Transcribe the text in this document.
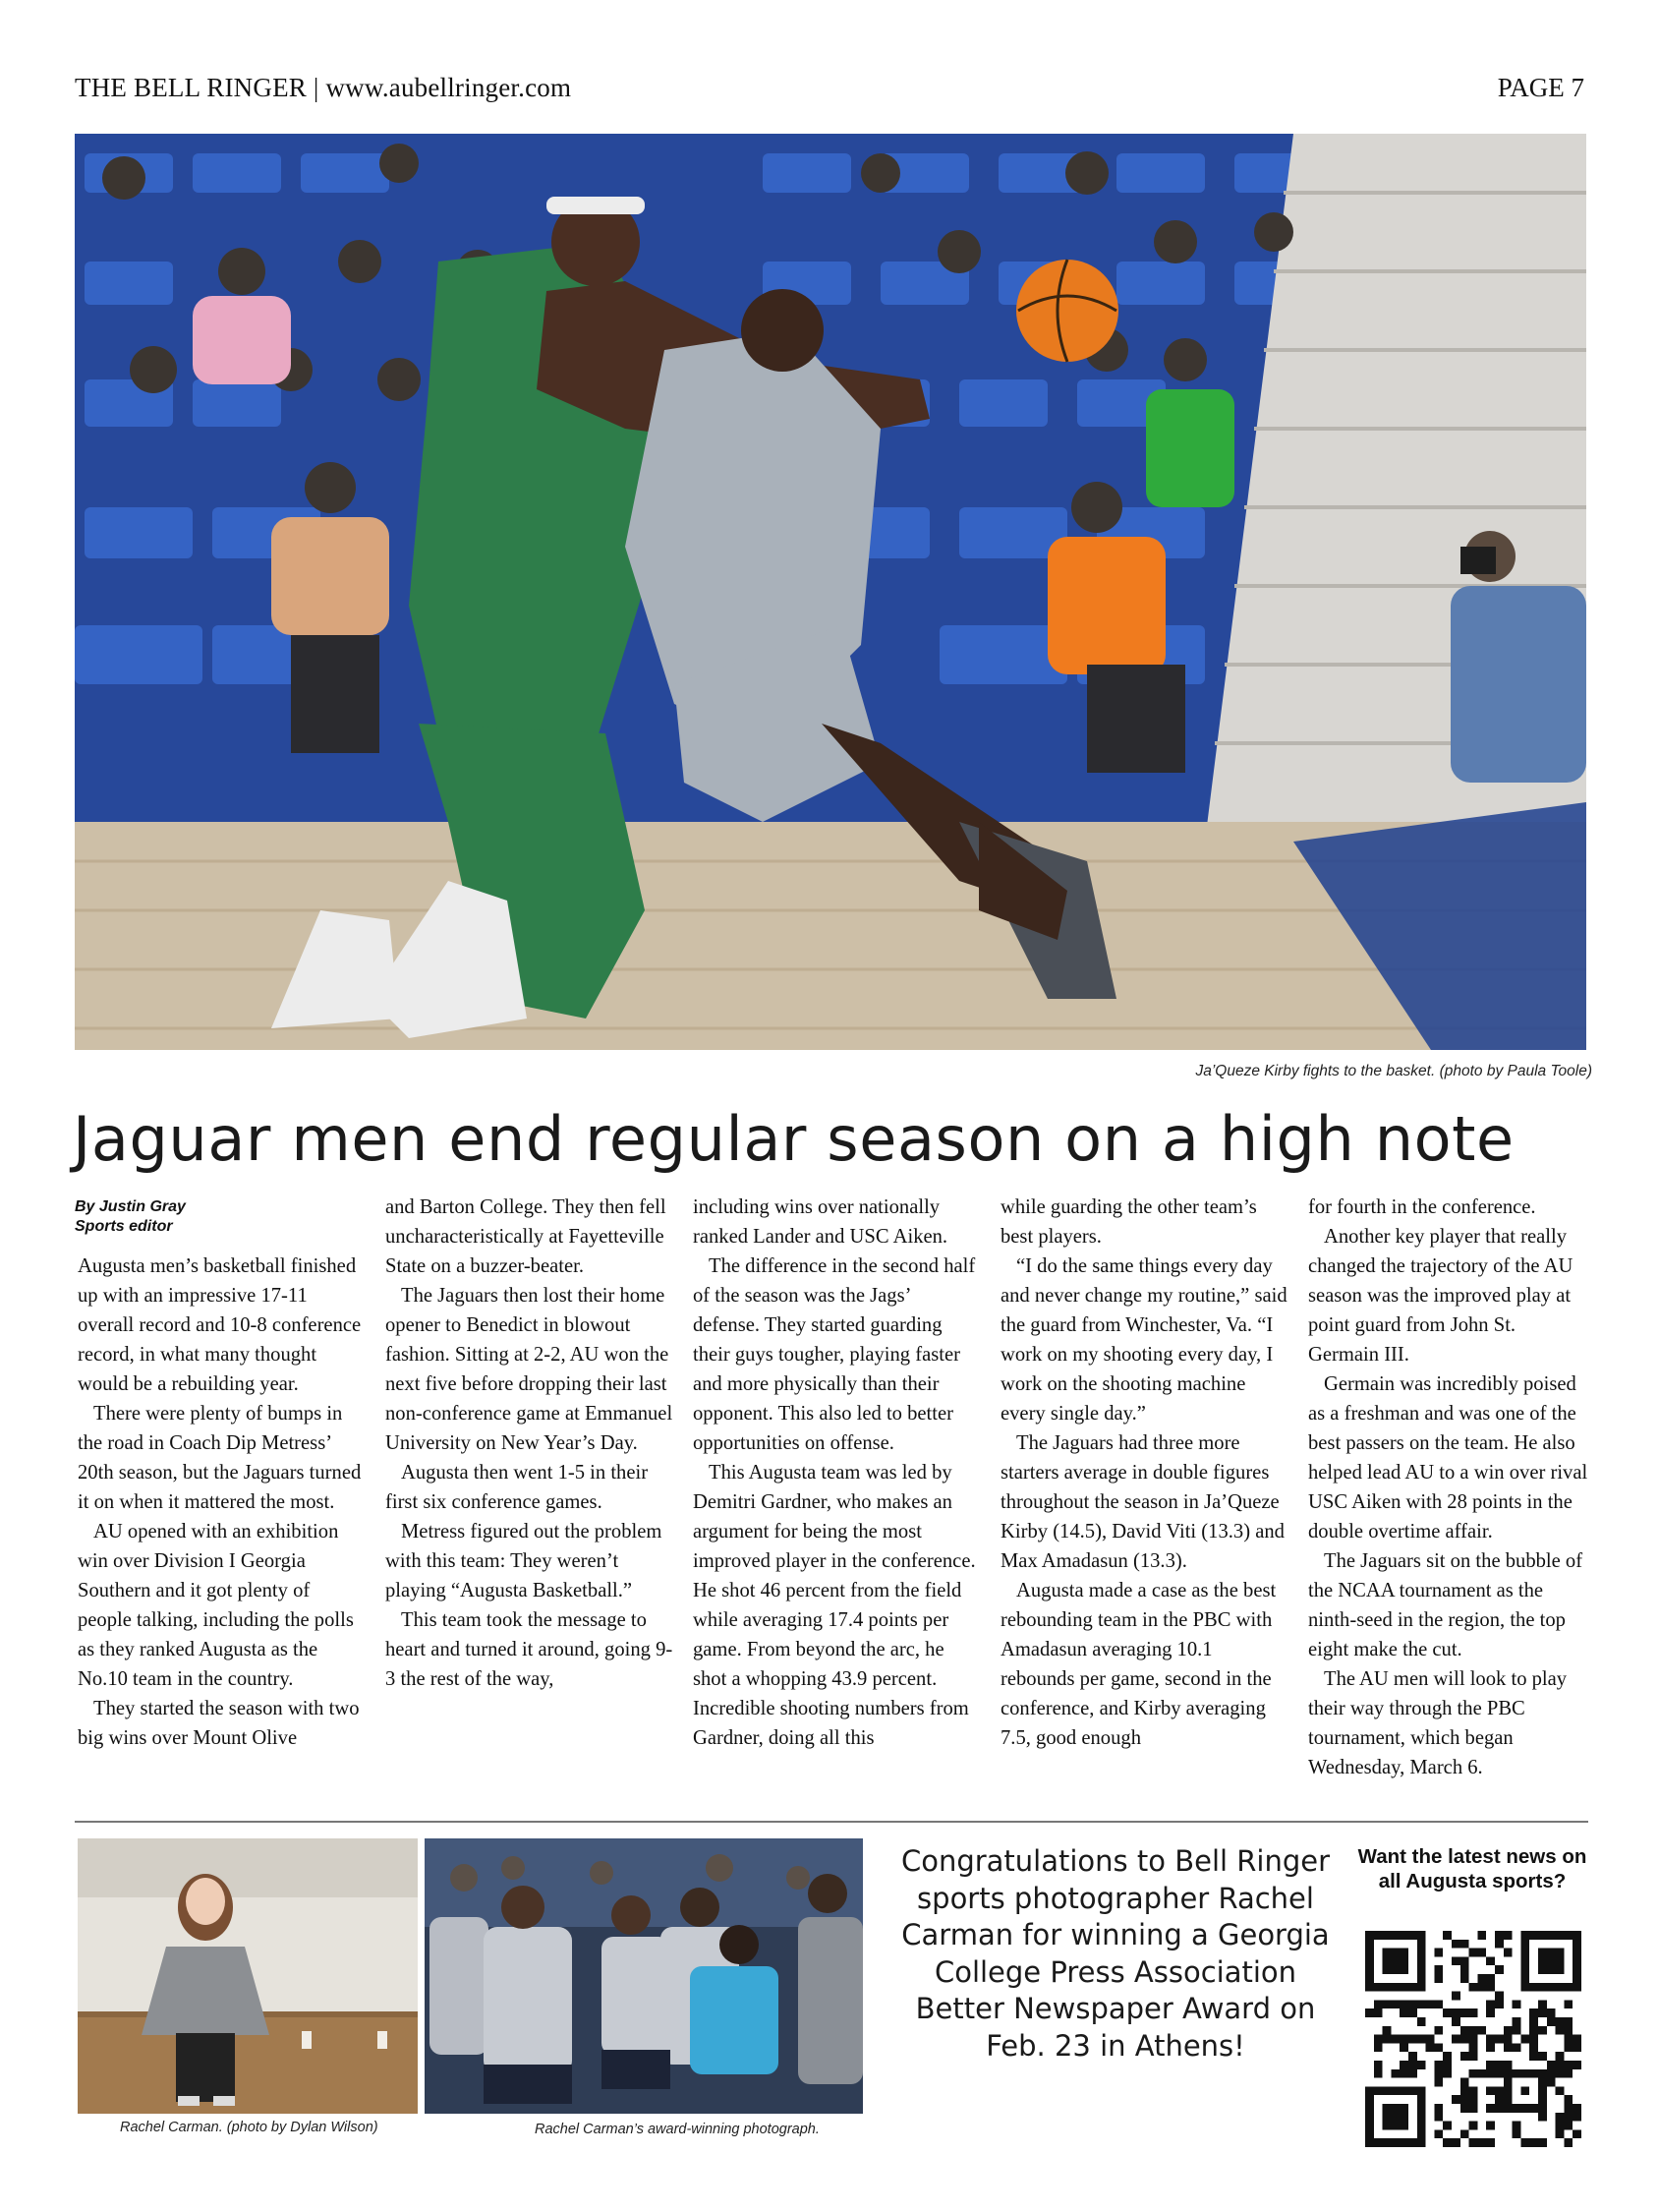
THE BELL RINGER | www.aubellringer.com	PAGE 7
Ja’Queze Kirby fights to the basket. (photo by Paula Toole)
Jaguar men end regular season on a high note
By Justin Gray
Sports editor

Augusta men’s basketball finished up with an impressive 17-11 overall record and 10-8 conference record, in what many thought would be a rebuilding year.

There were plenty of bumps in the road in Coach Dip Metress’ 20th season, but the Jaguars turned it on when it mattered the most.

AU opened with an exhibition win over Division I Georgia Southern and it got plenty of people talking, including the polls as they ranked Augusta as the No.10 team in the country.

They started the season with two big wins over Mount Olive

and Barton College. They then fell uncharacteristically at Fayetteville State on a buzzer-beater.

The Jaguars then lost their home opener to Benedict in blowout fashion. Sitting at 2-2, AU won the next five before dropping their last non-conference game at Emmanuel University on New Year’s Day.

Augusta then went 1-5 in their first six conference games.

Metress figured out the problem with this team: They weren’t playing “Augusta Basketball.”

This team took the message to heart and turned it around, going 9-3 the rest of the way,

including wins over nationally ranked Lander and USC Aiken.

The difference in the second half of the season was the Jags’ defense. They started guarding their guys tougher, playing faster and more physically than their opponent. This also led to better opportunities on offense.

This Augusta team was led by Demitri Gardner, who makes an argument for being the most improved player in the conference. He shot 46 percent from the field while averaging 17.4 points per game. From beyond the arc, he shot a whopping 43.9 percent. Incredible shooting numbers from Gardner, doing all this

while guarding the other team’s best players.

“I do the same things every day and never change my routine,” said the guard from Winchester, Va. “I work on my shooting every day, I work on the shooting machine every single day.”

The Jaguars had three more starters average in double figures throughout the season in Ja’Queze Kirby (14.5), David Viti (13.3) and Max Amadasun (13.3).

Augusta made a case as the best rebounding team in the PBC with Amadasun averaging 10.1 rebounds per game, second in the conference, and Kirby averaging 7.5, good enough

for fourth in the conference.

Another key player that really changed the trajectory of the AU season was the improved play at point guard from John St. Germain III.

Germain was incredibly poised as a freshman and was one of the best passers on the team. He also helped lead AU to a win over rival USC Aiken with 28 points in the double overtime affair.

The Jaguars sit on the bubble of the NCAA tournament as the ninth-seed in the region, the top eight make the cut.

The AU men will look to play their way through the PBC tournament, which began Wednesday, March 6.

Rachel Carman. (photo by Dylan Wilson)	Rachel Carman’s award-winning photograph.
Congratulations to Bell Ringer sports photographer Rachel Carman for winning a Georgia College Press Association Better Newspaper Award on Feb. 23 in Athens!
Want the latest news on all Augusta sports?
